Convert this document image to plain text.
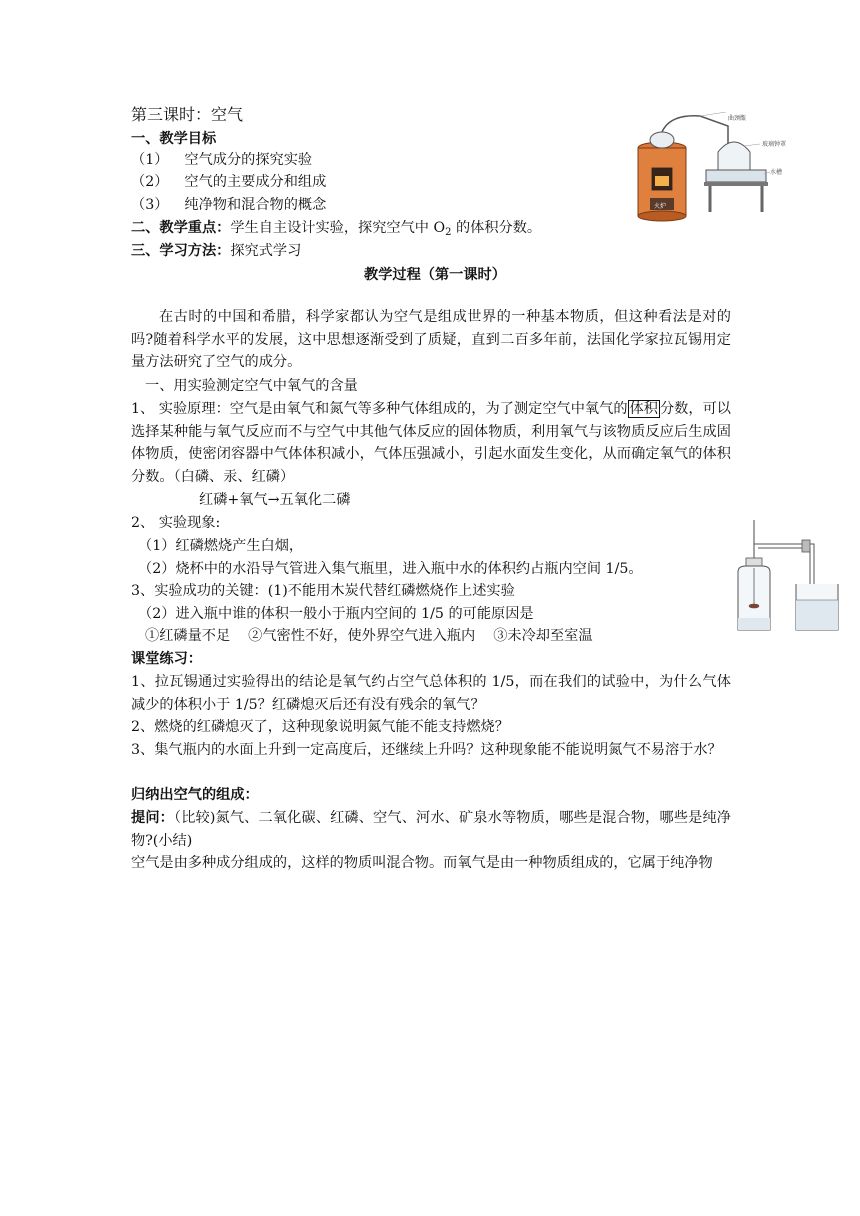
第三课时：空气
一、教学目标
（1） 空气成分的探究实验
（2） 空气的主要成分和组成
（3） 纯净物和混合物的概念
二、教学重点：学生自主设计实验，探究空气中 $O_2$ 的体积分数。
三、学习方法：探究式学习
曲颈甑
玻璃钟罩
水槽
火炉
教学过程（第一课时）
在古时的中国和希腊，科学家都认为空气是组成世界的一种基本物质，但这种看法是对的吗?随着科学水平的发展，这中思想逐渐受到了质疑，直到二百多年前，法国化学家拉瓦锡用定量方法研究了空气的成分。
一、用实验测定空气中氧气的含量
1、 实验原理：空气是由氧气和氮气等多种气体组成的，为了测定空气中氧气的 体积 分数，可以选择某种能与氧气反应而不与空气中其他气体反应的固体物质，利用氧气与该物质反应后生成固体物质，使密闭容器中气体体积减小，气体压强减小，引起水面发生变化，从而确定氧气的体积分数。（白磷、汞、红磷）
红磷+氧气→五氧化二磷
2、 实验现象:
（1）红磷燃烧产生白烟，
（2）烧杯中的水沿导气管进入集气瓶里，进入瓶中水的体积约占瓶内空间 1/5。
3、实验成功的关键：(1)不能用木炭代替红磷燃烧作上述实验
（2）进入瓶中谁的体积一般小于瓶内空间的 1/5 的可能原因是
①红磷量不足    ②气密性不好，使外界空气进入瓶内    ③未冷却至室温
课堂练习：
1、拉瓦锡通过实验得出的结论是氧气约占空气总体积的 1/5，而在我们的试验中，为什么气体减少的体积小于 1/5？红磷熄灭后还有没有残余的氧气？
2、燃烧的红磷熄灭了，这种现象说明氮气能不能支持燃烧？
3、集气瓶内的水面上升到一定高度后，还继续上升吗？这种现象能不能说明氮气不易溶于水？
归纳出空气的组成：
提问：（比较)氮气、二氧化碳、红磷、空气、河水、矿泉水等物质，哪些是混合物，哪些是纯净物?(小结)
空气是由多种成分组成的，这样的物质叫混合物。而氧气是由一种物质组成的，它属于纯净物
